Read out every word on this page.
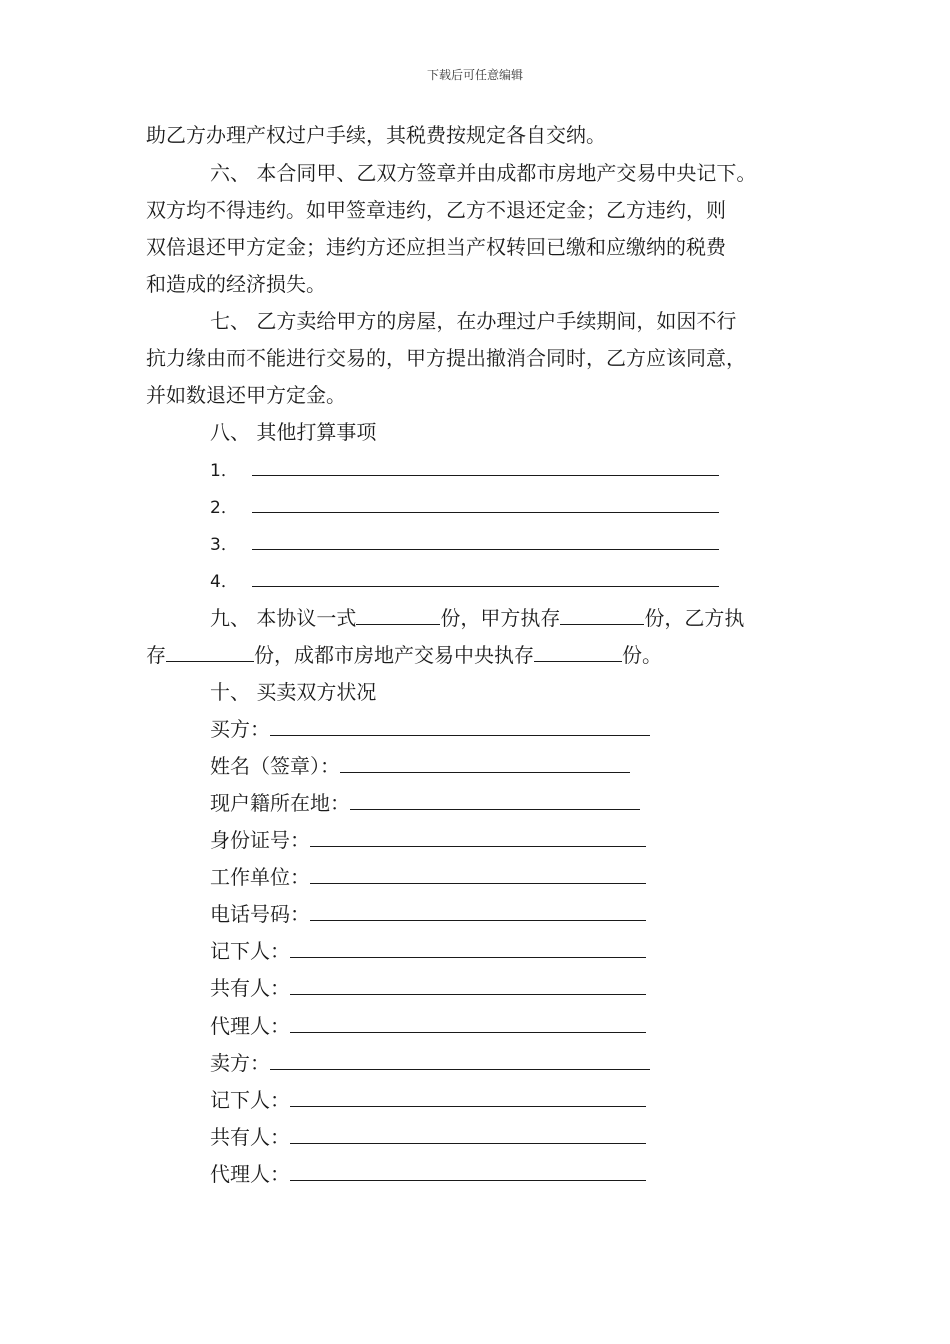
下载后可任意编辑
助乙方办理产权过户手续，其税费按规定各自交纳。
六、 本合同甲、乙双方签章并由成都市房地产交易中央记下。
双方均不得违约。如甲签章违约，乙方不退还定金；乙方违约，则
双倍退还甲方定金；违约方还应担当产权转回已缴和应缴纳的税费
和造成的经济损失。
七、 乙方卖给甲方的房屋，在办理过户手续期间，如因不行
抗力缘由而不能进行交易的，甲方提出撤消合同时，乙方应该同意，
并如数退还甲方定金。
八、 其他打算事项
1．
2．
3．
4．
九、 本协议一式	份，甲方执存	份，乙方执
存	份，成都市房地产交易中央执存	份。
十、 买卖双方状况
买方：
姓名（签章）：
现户籍所在地：
身份证号：
工作单位：
电话号码：
记下人：
共有人：
代理人：
卖方：
记下人：
共有人：
代理人：
